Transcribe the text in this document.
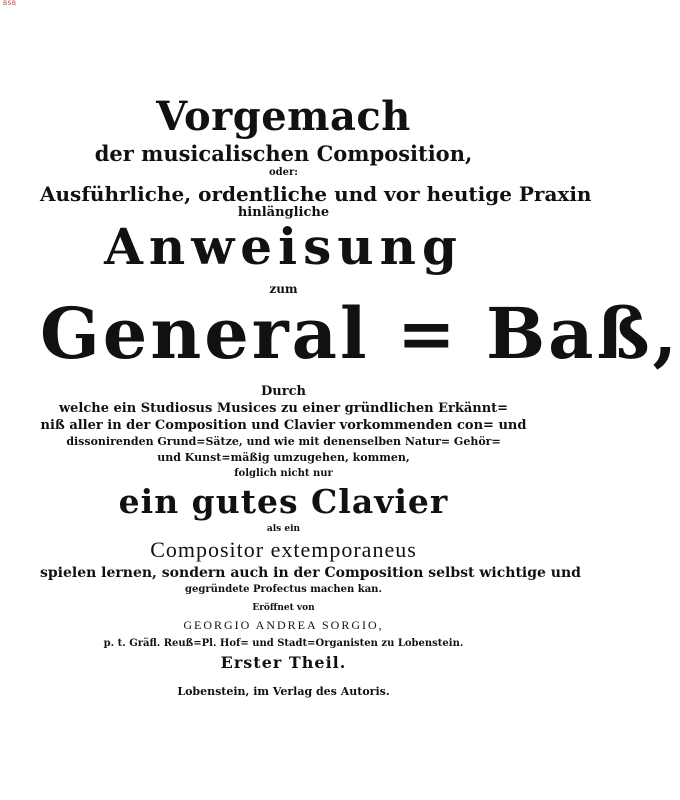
BSB
Vorgemach
der musicalischen Composition,
oder:
Ausführliche, ordentliche und vor heutige Praxin
hinlängliche
Anweisung
zum
General = Baß,
Durch
welche ein Studiosus Musices zu einer gründlichen Erkännt=
niß aller in der Composition und Clavier vorkommenden con= und
dissonirenden Grund=Sätze, und wie mit denenselben Natur= Gehör=
und Kunst=mäßig umzugehen, kommen,
folglich nicht nur
ein gutes Clavier
als ein
Compositor extemporaneus
spielen lernen, sondern auch in der Composition selbst wichtige und
gegründete Profectus machen kan.
Eröffnet von
GEORGIO ANDREA SORGIO,
p. t. Gräfl. Reuß=Pl. Hof= und Stadt=Organisten zu Lobenstein.
Erster Theil.
Lobenstein, im Verlag des Autoris.
